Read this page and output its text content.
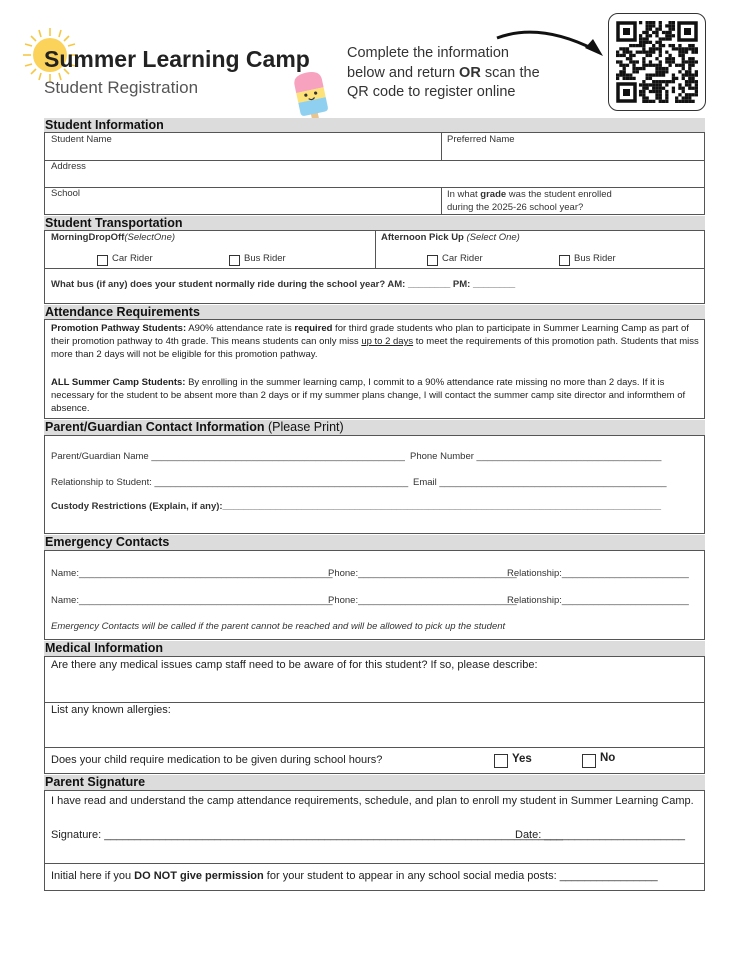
Summer Learning Camp
Student Registration
Complete the information
below and return OR scan the
QR code to register online
Student Information
Student Name	Preferred Name
Address
School	In what grade was the student enrolled
during the 2025-26 school year?
Student Transportation
MorningDropOff(SelectOne)	Afternoon Pick Up (Select One)
Car Rider	Bus Rider	Car Rider	Bus Rider
What bus (if any) does your student normally ride during the school year? AM: ________ PM: ________
Attendance Requirements
Promotion Pathway Students: A90% attendance rate is required for third grade students who plan to participate in Summer Learning Camp as part of their promotion pathway to 4th grade. This means students can only miss up to 2 days to meet the requirements of this promotion path. Students that miss more than 2 days will not be eligible for this promotion pathway.
ALL Summer Camp Students: By enrolling in the summer learning camp, I commit to a 90% attendance rate missing no more than 2 days. If it is necessary for the student to be absent more than 2 days or if my summer plans change, I will contact the summer camp site director and informthem of absence.
Parent/Guardian Contact Information (Please Print)
Parent/Guardian Name ________________________________________________ Phone Number ___________________________________
Relationship to Student: ________________________________________________ Email ___________________________________________
Custody Restrictions (Explain, if any):___________________________________________________________________________________
Emergency Contacts
Name:________________________________________________
Phone:______________________________
Relationship:________________________
Name:________________________________________________
Phone:______________________________
Relationship:________________________
Emergency Contacts will be called if the parent cannot be reached and will be allowed to pick up the student
Medical Information
Are there any medical issues camp staff need to be aware of for this student? If so, please describe:
List any known allergies:
Does your child require medication to be given during school hours?	Yes	No
Parent Signature
I have read and understand the camp attendance requirements, schedule, and plan to enroll my student in Summer Learning Camp.
Signature: ___________________________________________________________________________
Date: _______________________
Initial here if you DO NOT give permission for your student to appear in any school social media posts: ________________
